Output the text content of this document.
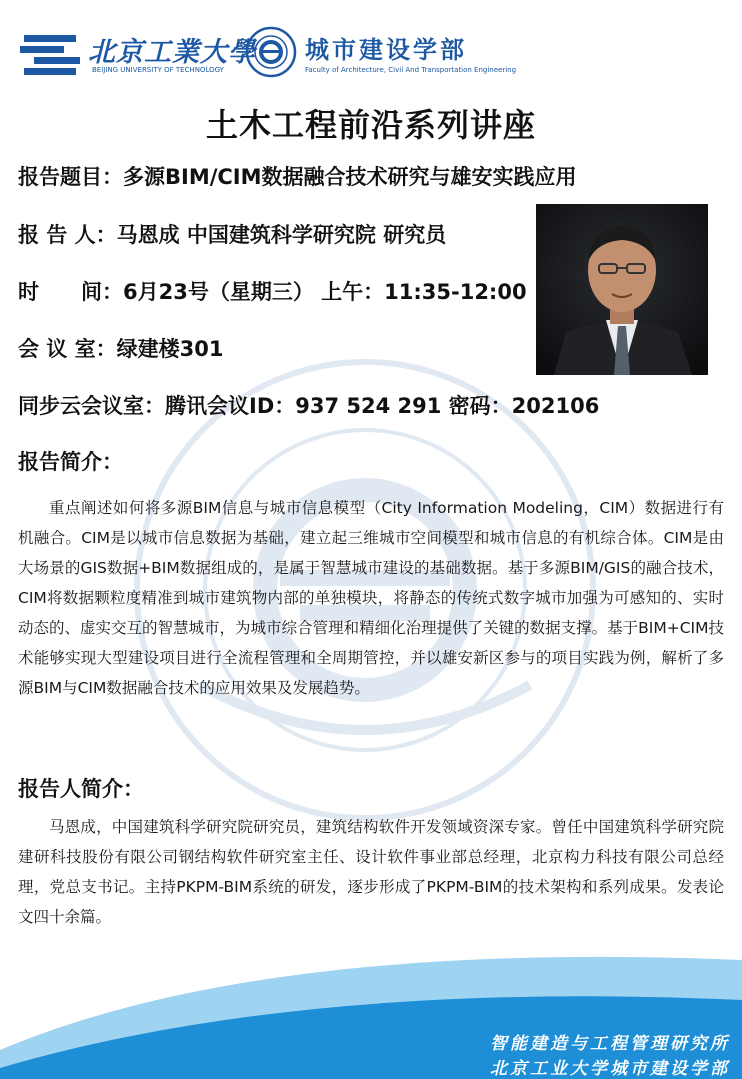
北京工業大學
BEIJING UNIVERSITY OF TECHNOLOGY
城市建设学部
Faculty of Architecture, Civil And Transportation Engineering
土木工程前沿系列讲座
报告题目：多源BIM/CIM数据融合技术研究与雄安实践应用
报 告 人：马恩成 中国建筑科学研究院 研究员
时　　间：6月23号（星期三） 上午：11:35-12:00
会 议 室：绿建楼301
同步云会议室：腾讯会议ID：937 524 291 密码：202106
报告简介：
重点阐述如何将多源BIM信息与城市信息模型（City Information Modeling，CIM）数据进行有机融合。CIM是以城市信息数据为基础，建立起三维城市空间模型和城市信息的有机综合体。CIM是由大场景的GIS数据+BIM数据组成的，是属于智慧城市建设的基础数据。基于多源BIM/GIS的融合技术，CIM将数据颗粒度精准到城市建筑物内部的单独模块，将静态的传统式数字城市加强为可感知的、实时动态的、虚实交互的智慧城市，为城市综合管理和精细化治理提供了关键的数据支撑。基于BIM+CIM技术能够实现大型建设项目进行全流程管理和全周期管控，并以雄安新区参与的项目实践为例，解析了多源BIM与CIM数据融合技术的应用效果及发展趋势。
报告人简介：
马恩成，中国建筑科学研究院研究员，建筑结构软件开发领域资深专家。曾任中国建筑科学研究院建研科技股份有限公司钢结构软件研究室主任、设计软件事业部总经理，北京构力科技有限公司总经理，党总支书记。主持PKPM-BIM系统的研发，逐步形成了PKPM-BIM的技术架构和系列成果。发表论文四十余篇。
智能建造与工程管理研究所
北京工业大学城市建设学部
